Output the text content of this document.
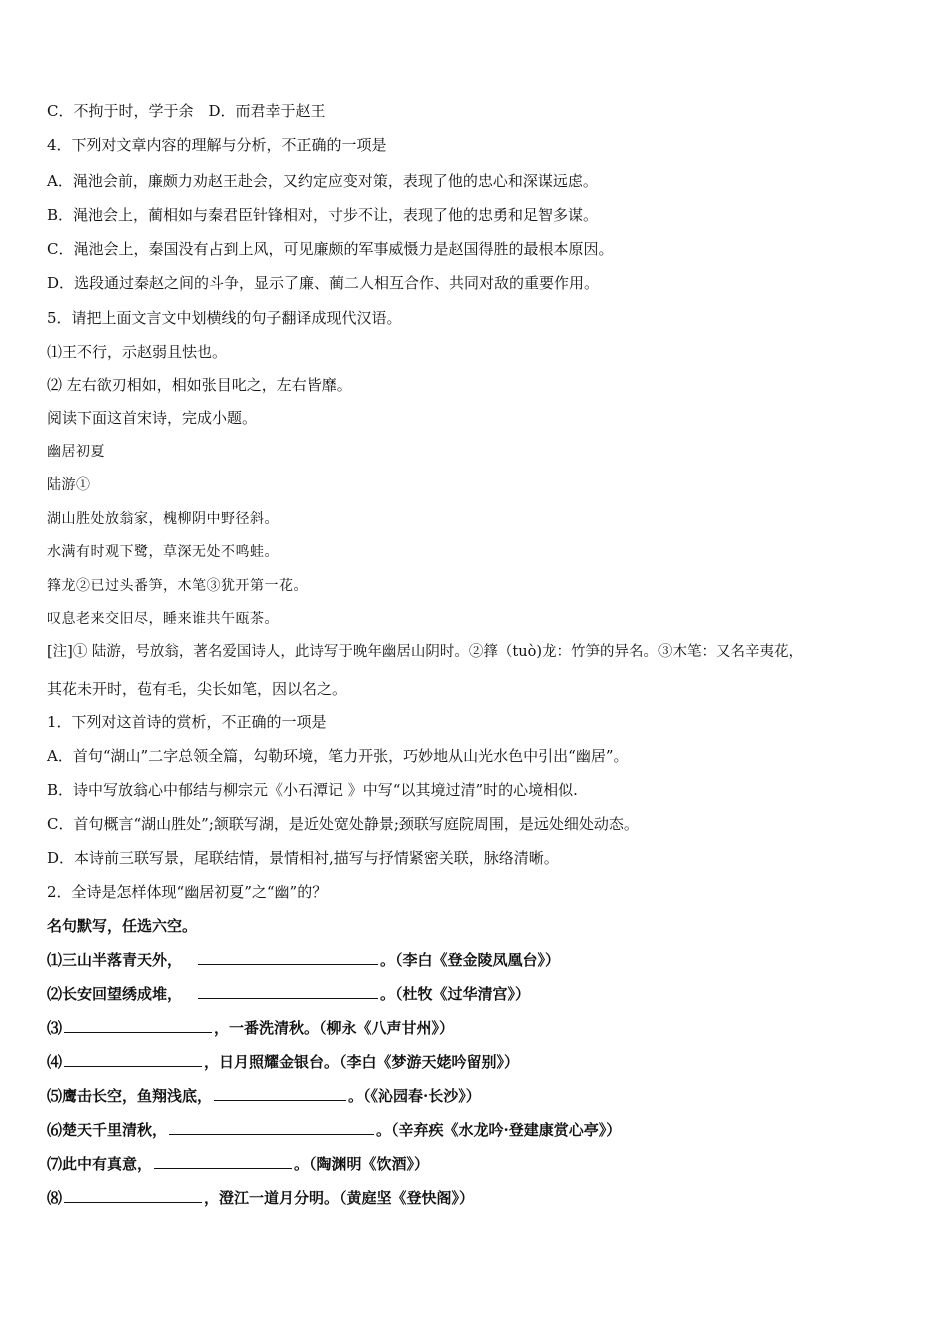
C．不拘于时，学于余　D．而君幸于赵王
4．下列对文章内容的理解与分析，不正确的一项是
A．渑池会前，廉颇力劝赵王赴会，又约定应变对策，表现了他的忠心和深谋远虑。
B．渑池会上，蔺相如与秦君臣针锋相对，寸步不让，表现了他的忠勇和足智多谋。
C．渑池会上，秦国没有占到上风，可见廉颇的军事威慑力是赵国得胜的最根本原因。
D．选段通过秦赵之间的斗争，显示了廉、蔺二人相互合作、共同对敌的重要作用。
5．请把上面文言文中划横线的句子翻译成现代汉语。
⑴王不行，示赵弱且怯也。
⑵ 左右欲刃相如，相如张目叱之，左右皆靡。
阅读下面这首宋诗，完成小题。
幽居初夏
陆游①
湖山胜处放翁家，槐柳阴中野径斜。
水满有时观下鹭，草深无处不鸣蛙。
箨龙②已过头番笋，木笔③犹开第一花。
叹息老来交旧尽，睡来谁共午瓯茶。
[注]① 陆游，号放翁，著名爱国诗人，此诗写于晚年幽居山阴时。②箨（tuò)龙：竹笋的异名。③木笔：又名辛夷花，
其花未开时，苞有毛，尖长如笔，因以名之。
1．下列对这首诗的赏析，不正确的一项是
A．首句“湖山”二字总领全篇，勾勒环境，笔力开张，巧妙地从山光水色中引出“幽居”。
B．诗中写放翁心中郁结与柳宗元《小石潭记 》中写“以其境过清”时的心境相似.
C．首句概言“湖山胜处”;颔联写湖，是近处宽处静景;颈联写庭院周围，是远处细处动态。
D．本诗前三联写景，尾联结情，景情相衬,描写与抒情紧密关联，脉络清晰。
2．全诗是怎样体现“幽居初夏”之“幽”的？
名句默写，任选六空。
⑴三山半落青天外，	。（李白《登金陵凤凰台》）
⑵长安回望绣成堆，	。（杜牧《过华清宫》）
⑶	，一番洗清秋。（柳永《八声甘州》）
⑷	，日月照耀金银台。（李白《梦游天姥吟留别》）
⑸鹰击长空，鱼翔浅底，	。（《沁园春·长沙》）
⑹楚天千里清秋，	。（辛弃疾《水龙吟·登建康赏心亭》）
⑺此中有真意，	。（陶渊明《饮酒》）
⑻	，澄江一道月分明。（黄庭坚《登快阁》）
